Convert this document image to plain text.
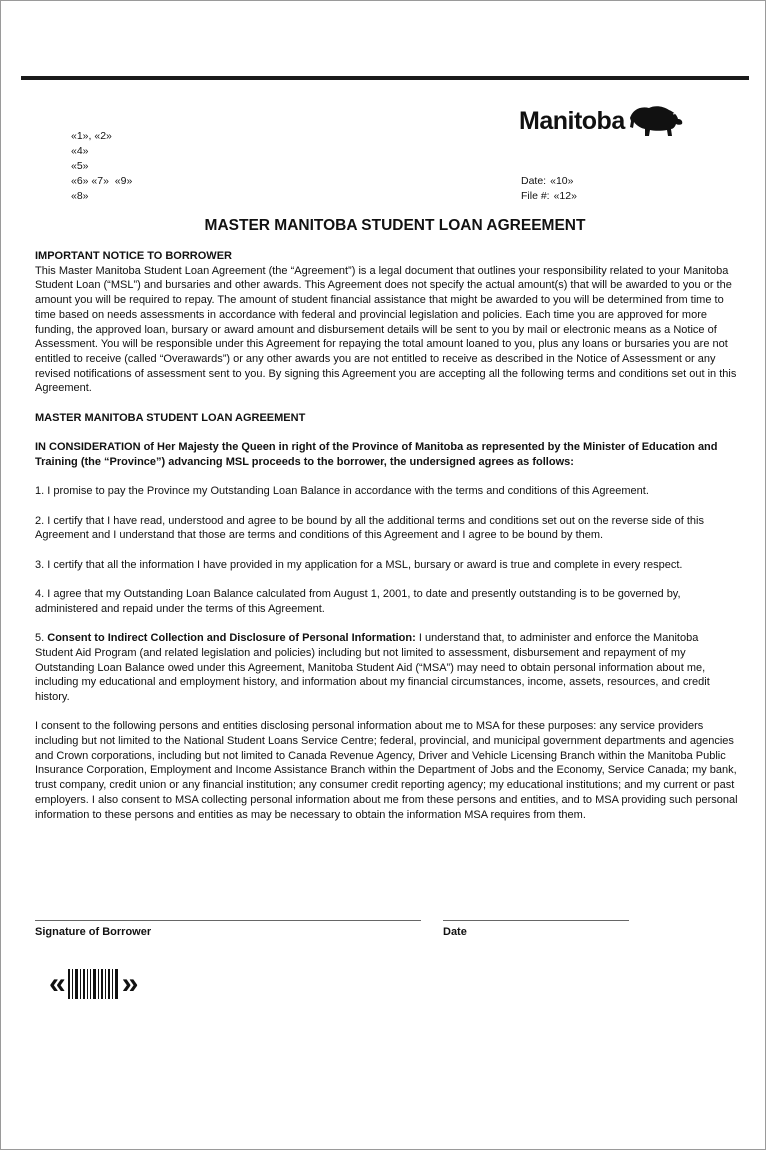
Manitoba
«1», «2»
«4»
«5»
«6» «7»  «9»
«8»
Date: «10»
File #: «12»
MASTER MANITOBA STUDENT LOAN AGREEMENT

IMPORTANT NOTICE TO BORROWER

This Master Manitoba Student Loan Agreement (the “Agreement”) is a legal document that outlines your responsibility related to your Manitoba Student Loan (“MSL”) and bursaries and other awards. This Agreement does not specify the actual amount(s) that will be awarded to you or the amount you will be required to repay. The amount of student financial assistance that might be awarded to you will be determined from time to time based on needs assessments in accordance with federal and provincial legislation and policies. Each time you are approved for more funding, the approved loan, bursary or award amount and disbursement details will be sent to you by mail or electronic means as a Notice of Assessment. You will be responsible under this Agreement for repaying the total amount loaned to you, plus any loans or bursaries you are not entitled to receive (called “Overawards”) or any other awards you are not entitled to receive as described in the Notice of Assessment or any revised notifications of assessment sent to you. By signing this Agreement you are accepting all the following terms and conditions set out in this Agreement.

MASTER MANITOBA STUDENT LOAN AGREEMENT

IN CONSIDERATION of Her Majesty the Queen in right of the Province of Manitoba as represented by the Minister of Education and Training (the “Province”) advancing MSL proceeds to the borrower, the undersigned agrees as follows:

1. I promise to pay the Province my Outstanding Loan Balance in accordance with the terms and conditions of this Agreement.

2. I certify that I have read, understood and agree to be bound by all the additional terms and conditions set out on the reverse side of this Agreement and I understand that those are terms and conditions of this Agreement and I agree to be bound by them.

3. I certify that all the information I have provided in my application for a MSL, bursary or award is true and complete in every respect.

4. I agree that my Outstanding Loan Balance calculated from August 1, 2001, to date and presently outstanding is to be governed by, administered and repaid under the terms of this Agreement.

5. Consent to Indirect Collection and Disclosure of Personal Information: I understand that, to administer and enforce the Manitoba Student Aid Program (and related legislation and policies) including but not limited to assessment, disbursement and repayment of my Outstanding Loan Balance owed under this Agreement, Manitoba Student Aid (“MSA”) may need to obtain personal information about me, including my educational and employment history, and information about my financial circumstances, income, assets, resources, and credit history.

I consent to the following persons and entities disclosing personal information about me to MSA for these purposes: any service providers including but not limited to the National Student Loans Service Centre; federal, provincial, and municipal government departments and agencies and Crown corporations, including but not limited to Canada Revenue Agency, Driver and Vehicle Licensing Branch within the Manitoba Public Insurance Corporation, Employment and Income Assistance Branch within the Department of Jobs and the Economy, Service Canada; my bank, trust company, credit union or any financial institution; any consumer credit reporting agency; my educational institutions; and my current or past employers. I also consent to MSA collecting personal information about me from these persons and entities, and to MSA providing such personal information to these persons and entities as may be necessary to obtain the information MSA requires from them.

Signature of Borrower	Date
« »
